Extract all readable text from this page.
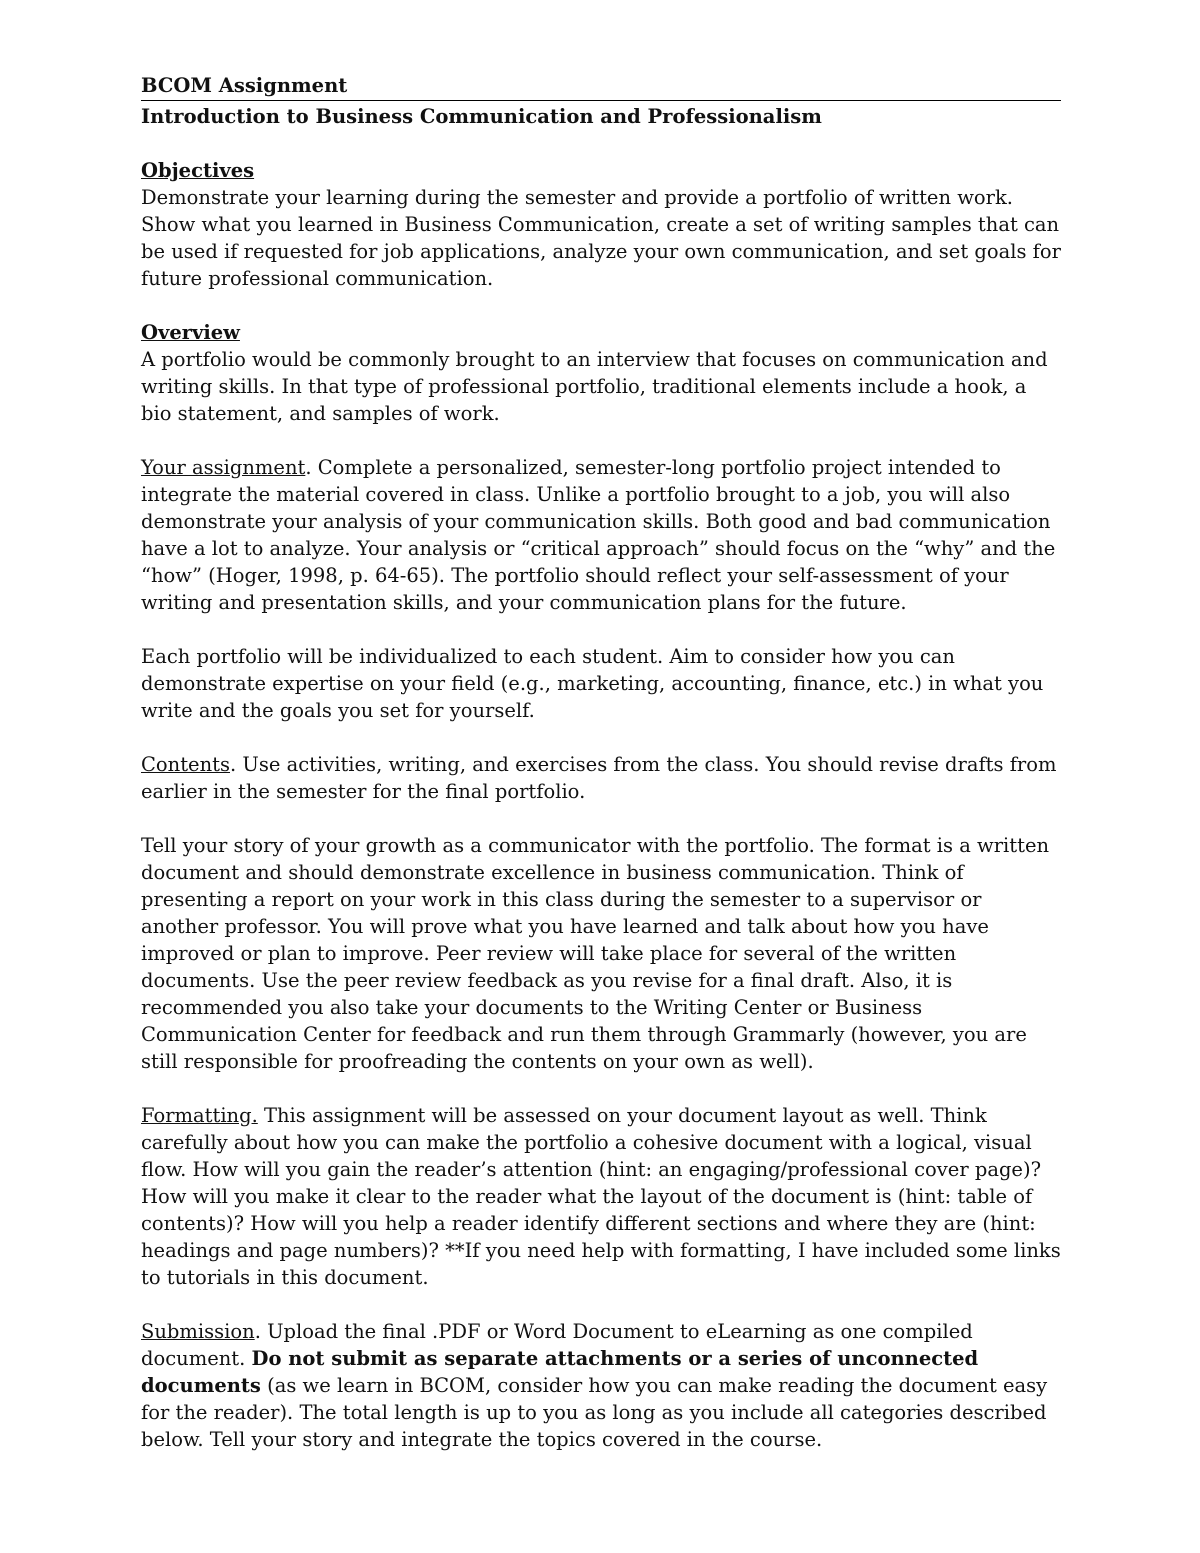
BCOM Assignment
Introduction to Business Communication and Professionalism
Objectives

Demonstrate your learning during the semester and provide a portfolio of written work. Show what you learned in Business Communication, create a set of writing samples that can be used if requested for job applications, analyze your own communication, and set goals for future professional communication.

Overview

A portfolio would be commonly brought to an interview that focuses on communication and writing skills. In that type of professional portfolio, traditional elements include a hook, a bio statement, and samples of work.

Your assignment. Complete a personalized, semester-long portfolio project intended to integrate the material covered in class. Unlike a portfolio brought to a job, you will also demonstrate your analysis of your communication skills. Both good and bad communication have a lot to analyze. Your analysis or “critical approach” should focus on the “why” and the “how” (Hoger, 1998, p. 64-65). The portfolio should reflect your self-assessment of your writing and presentation skills, and your communication plans for the future.

Each portfolio will be individualized to each student. Aim to consider how you can demonstrate expertise on your field (e.g., marketing, accounting, finance, etc.) in what you write and the goals you set for yourself.

Contents. Use activities, writing, and exercises from the class. You should revise drafts from earlier in the semester for the final portfolio.

Tell your story of your growth as a communicator with the portfolio. The format is a written document and should demonstrate excellence in business communication. Think of presenting a report on your work in this class during the semester to a supervisor or another professor. You will prove what you have learned and talk about how you have improved or plan to improve. Peer review will take place for several of the written documents. Use the peer review feedback as you revise for a final draft. Also, it is recommended you also take your documents to the Writing Center or Business Communication Center for feedback and run them through Grammarly (however, you are still responsible for proofreading the contents on your own as well).

Formatting. This assignment will be assessed on your document layout as well. Think carefully about how you can make the portfolio a cohesive document with a logical, visual flow. How will you gain the reader’s attention (hint: an engaging/professional cover page)? How will you make it clear to the reader what the layout of the document is (hint: table of contents)? How will you help a reader identify different sections and where they are (hint: headings and page numbers)? **If you need help with formatting, I have included some links to tutorials in this document.

Submission. Upload the final .PDF or Word Document to eLearning as one compiled document. Do not submit as separate attachments or a series of unconnected documents (as we learn in BCOM, consider how you can make reading the document easy for the reader). The total length is up to you as long as you include all categories described below. Tell your story and integrate the topics covered in the course.
